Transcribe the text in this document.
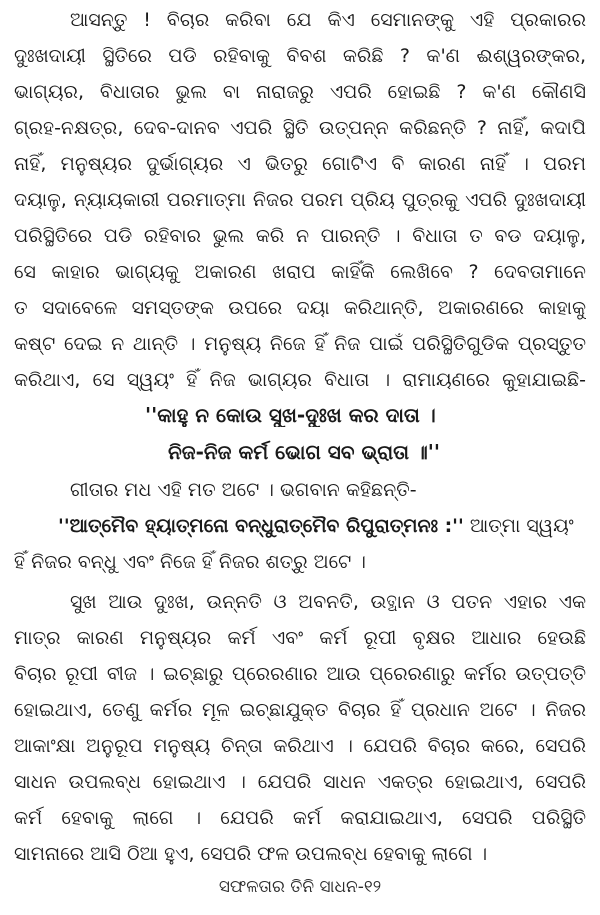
ଆସନ୍ତୁ ! ବିଚାର କରିବା ଯେ କିଏ ସେମାନଙ୍କୁ ଏହି ପ୍ରକାରର
ଦୁଃଖଦାୟୀ ସ୍ଥିତିରେ ପଡି ରହିବାକୁ ବିବଶ କରିଛି ? କ'ଣ ଈଶ୍ୱରଙ୍କର,
ଭାଗ୍ୟର, ବିଧାତାର ଭୁଲ ବା ନାରାଜରୁ ଏପରି ହୋଇଛି ? କ'ଣ କୌଣସି
ଗ୍ରହ-ନକ୍ଷତ୍ର, ଦେବ-ଦାନବ ଏପରି ସ୍ଥିତି ଉତ୍ପନ୍ନ କରିଛନ୍ତି ? ନାହିଁ, କଦାପି
ନାହିଁ, ମନୁଷ୍ୟର ଦୁର୍ଭାଗ୍ୟର ଏ ଭିତରୁ ଗୋଟିଏ ବି କାରଣ ନାହିଁ । ପରମ
ଦୟାଳୁ, ନ୍ୟାୟକାରୀ ପରମାତ୍ମା ନିଜର ପରମ ପ୍ରିୟ ପୁତ୍ରକୁ ଏପରି ଦୁଃଖଦାୟୀ
ପରିସ୍ଥିତିରେ ପଡି ରହିବାର ଭୁଲ କରି ନ ପାରନ୍ତି । ବିଧାତା ତ ବଡ ଦୟାଳୁ,
ସେ କାହାର ଭାଗ୍ୟକୁ ଅକାରଣ ଖରାପ କାହିଁକି ଲେଖିବେ ? ଦେବତାମାନେ
ତ ସଦାବେଳେ ସମସ୍ତଙ୍କ ଉପରେ ଦୟା କରିଥାନ୍ତି, ଅକାରଣରେ କାହାକୁ
କଷ୍ଟ ଦେଇ ନ ଥାନ୍ତି । ମନୁଷ୍ୟ ନିଜେ ହିଁ ନିଜ ପାଇଁ ପରିସ୍ଥିତିଗୁଡିକ ପ୍ରସ୍ତୁତ
କରିଥାଏ, ସେ ସ୍ୱୟଂ ହିଁ ନିଜ ଭାଗ୍ୟର ବିଧାତା । ରାମାୟଣରେ କୁହାଯାଇଛି-
''କାହୁ ନ କୋଉ ସୁଖ-ଦୁଃଖ କର ଦାତା ।
ନିଜ-ନିଜ କର୍ମ ଭୋଗ ସବ ଭ୍ରାତା ॥''
ଗୀତାର ମଧ ଏହି ମତ ଅଟେ । ଭଗବାନ କହିଛନ୍ତି-
''ଆତ୍ମୈବ ହ୍ୟାତ୍ମନୋ ବନ୍ଧୁରାତ୍ମୈବ ରିପୁରାତ୍ମନଃ :'' ଆତ୍ମା ସ୍ୱୟଂ
ହିଁ ନିଜର ବନ୍ଧୁ ଏବଂ ନିଜେ ହିଁ ନିଜର ଶତ୍ରୁ ଅଟେ ।
ସୁଖ ଆଉ ଦୁଃଖ, ଉନ୍ନତି ଓ ଅବନତି, ଉତ୍ଥାନ ଓ ପତନ ଏହାର ଏକ
ମାତ୍ର କାରଣ ମନୁଷ୍ୟର କର୍ମ ଏବଂ କର୍ମ ରୂପୀ ବୃକ୍ଷର ଆଧାର ହେଉଛି
ବିଚାର ରୂପୀ ବୀଜ । ଇଚ୍ଛାରୁ ପ୍ରେରଣାର ଆଉ ପ୍ରେରଣାରୁ କର୍ମର ଉତ୍ପତ୍ତି
ହୋଇଥାଏ, ତେଣୁ କର୍ମର ମୂଳ ଇଚ୍ଛାଯୁକ୍ତ ବିଚାର ହିଁ ପ୍ରଧାନ ଅଟେ । ନିଜର
ଆକାଂକ୍ଷା ଅନୁରୂପ ମନୁଷ୍ୟ ଚିନ୍ତା କରିଥାଏ । ଯେପରି ବିଚାର କରେ, ସେପରି
ସାଧନ ଉପଲବ୍ଧ ହୋଇଥାଏ । ଯେପରି ସାଧନ ଏକତ୍ର ହୋଇଥାଏ, ସେପରି
କର୍ମ ହେବାକୁ ଲାଗେ । ଯେପରି କର୍ମ କରାଯାଇଥାଏ, ସେପରି ପରିସ୍ଥିତି
ସାମନାରେ ଆସି ଠିଆ ହୁଏ, ସେପରି ଫଳ ଉପଲବ୍ଧ ହେବାକୁ ଲାଗେ ।
ସଫଳତାର ତିନି ସାଧନ-୧୨
